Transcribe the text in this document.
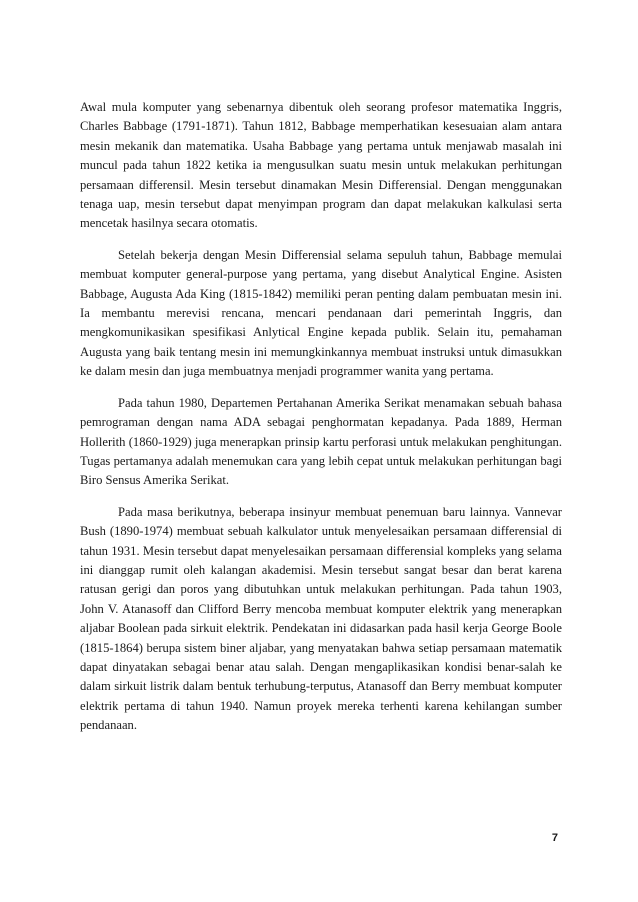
Awal mula komputer yang sebenarnya dibentuk oleh seorang profesor matematika Inggris, Charles Babbage (1791-1871). Tahun 1812, Babbage memperhatikan kesesuaian alam antara mesin mekanik dan matematika. Usaha Babbage yang pertama untuk menjawab masalah ini muncul pada tahun 1822 ketika ia mengusulkan suatu mesin untuk melakukan perhitungan persamaan differensil. Mesin tersebut dinamakan Mesin Differensial. Dengan menggunakan tenaga uap, mesin tersebut dapat menyimpan program dan dapat melakukan kalkulasi serta mencetak hasilnya secara otomatis.

Setelah bekerja dengan Mesin Differensial selama sepuluh tahun, Babbage memulai membuat komputer general-purpose yang pertama, yang disebut Analytical Engine. Asisten Babbage, Augusta Ada King (1815-1842) memiliki peran penting dalam pembuatan mesin ini. Ia membantu merevisi rencana, mencari pendanaan dari pemerintah Inggris, dan mengkomunikasikan spesifikasi Anlytical Engine kepada publik. Selain itu, pemahaman Augusta yang baik tentang mesin ini memungkinkannya membuat instruksi untuk dimasukkan ke dalam mesin dan juga membuatnya menjadi programmer wanita yang pertama.

Pada tahun 1980, Departemen Pertahanan Amerika Serikat menamakan sebuah bahasa pemrograman dengan nama ADA sebagai penghormatan kepadanya. Pada 1889, Herman Hollerith (1860-1929) juga menerapkan prinsip kartu perforasi untuk melakukan penghitungan. Tugas pertamanya adalah menemukan cara yang lebih cepat untuk melakukan perhitungan bagi Biro Sensus Amerika Serikat.

Pada masa berikutnya, beberapa insinyur membuat penemuan baru lainnya. Vannevar Bush (1890-1974) membuat sebuah kalkulator untuk menyelesaikan persamaan differensial di tahun 1931. Mesin tersebut dapat menyelesaikan persamaan differensial kompleks yang selama ini dianggap rumit oleh kalangan akademisi. Mesin tersebut sangat besar dan berat karena ratusan gerigi dan poros yang dibutuhkan untuk melakukan perhitungan. Pada tahun 1903, John V. Atanasoff dan Clifford Berry mencoba membuat komputer elektrik yang menerapkan aljabar Boolean pada sirkuit elektrik. Pendekatan ini didasarkan pada hasil kerja George Boole (1815-1864) berupa sistem biner aljabar, yang menyatakan bahwa setiap persamaan matematik dapat dinyatakan sebagai benar atau salah. Dengan mengaplikasikan kondisi benar-salah ke dalam sirkuit listrik dalam bentuk terhubung-terputus, Atanasoff dan Berry membuat komputer elektrik pertama di tahun 1940. Namun proyek mereka terhenti karena kehilangan sumber pendanaan.

7
